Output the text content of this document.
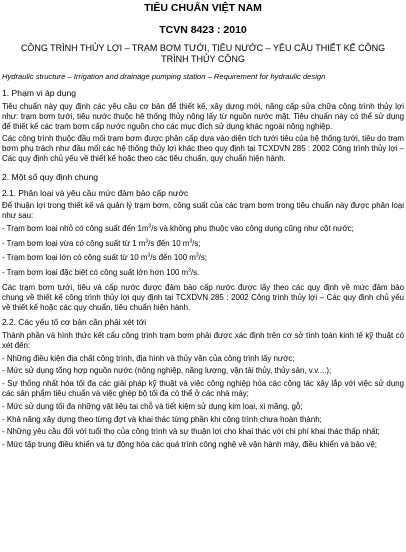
TIÊU CHUẨN VIỆT NAM
TCVN 8423 : 2010
CÔNG TRÌNH THỦY LỢI – TRẠM BƠM TƯỚI, TIÊU NƯỚC – YÊU CẦU THIẾT KẾ CÔNG TRÌNH THỦY CÔNG
Hydraulic structure – Irrigation and drainage pumping station – Requirement for hydraulic design
1. Phạm vi áp dụng

Tiêu chuẩn này quy định các yêu cầu cơ bản để thiết kế, xây dựng mới, nâng cấp sửa chữa công trình thủy lợi như: trạm bơm tưới, tiêu nước thuộc hệ thống thủy nông lấy từ nguồn nước mặt. Tiêu chuẩn này có thể sử dụng để thiết kế các trạm bơm cấp nước nguồn cho các mục đích sử dụng khác ngoài nông nghiệp.

Các công trình thuộc đầu mối trạm bơm được phân cấp dựa vào diện tích tưới tiêu của hệ thống tưới, tiêu do trạm bơm phụ trách như đầu mối các hệ thống thủy lợi khác theo quy định tại TCXDVN 285 : 2002 Công trình thủy lợi – Các quy định chủ yếu về thiết kế hoặc theo các tiêu chuẩn, quy chuẩn hiện hành.

2. Một số quy định chung
2.1. Phân loại và yêu cầu mức đảm bảo cấp nước

Để thuận lợi trong thiết kế và quản lý trạm bơm, công suất của các trạm bơm trong tiêu chuẩn này được phân loại như sau:

- Trạm bơm loại nhỏ có công suất đến $1m^3/s$ và không phụ thuộc vào công dụng cũng như cột nước;

- Trạm bơm loại vừa có công suất từ 1 $m^3/s$ đến 10 $m^3/s$;

- Trạm bơm loại lớn có công suất từ 10 $m^3/s$ đến 100 $m^3/s$;

- Trạm bơm loại đặc biệt có công suất lớn hơn 100 $m^3/s$.

Các trạm bơm tưới, tiêu và cấp nước được đảm bảo cấp nước được lấy theo các quy định về mức đảm bảo chung về thiết kế công trình thủy lợi quy định tại TCXDVN 285 : 2002 Công trình thủy lợi – Các quy định chủ yếu về thiết kế hoặc các quy chuẩn, tiêu chuẩn hiện hành.

2.2. Các yếu tố cơ bản cần phải xét tới

Thành phần và hình thức kết cấu công trình trạm bơm phải được xác định trên cơ sở tính toán kinh tế kỹ thuật có xét đến:

- Những điều kiện địa chất công trình, địa hình và thủy văn của công trình lấy nước;

- Mức sử dụng tổng hợp nguồn nước (nông nghiệp, năng lượng, vận tải thủy, thủy sản, v.v....);

- Sự thống nhất hóa tối đa các giải pháp kỹ thuật và việc công nghiệp hóa các công tác xây lắp với việc sử dụng các sản phẩm tiêu chuẩn và việc ghép bộ tối đa có thể ở các nhà máy;

- Mức sử dụng tối đa những vật liệu tại chỗ và tiết kiệm sử dụng kim loại, xi măng, gỗ;

- Khả năng xây dựng theo từng đợt và khai thác từng phần khi công trình chưa hoàn thành;

- Những yêu cầu đối với tuổi thọ của công trình và sự thuận lợi cho khai thác với chi phí khai thác thấp nhất;

- Mức tập trung điều khiển và tự động hóa các quá trình công nghệ về vận hành máy, điều khiển và bảo vệ;
